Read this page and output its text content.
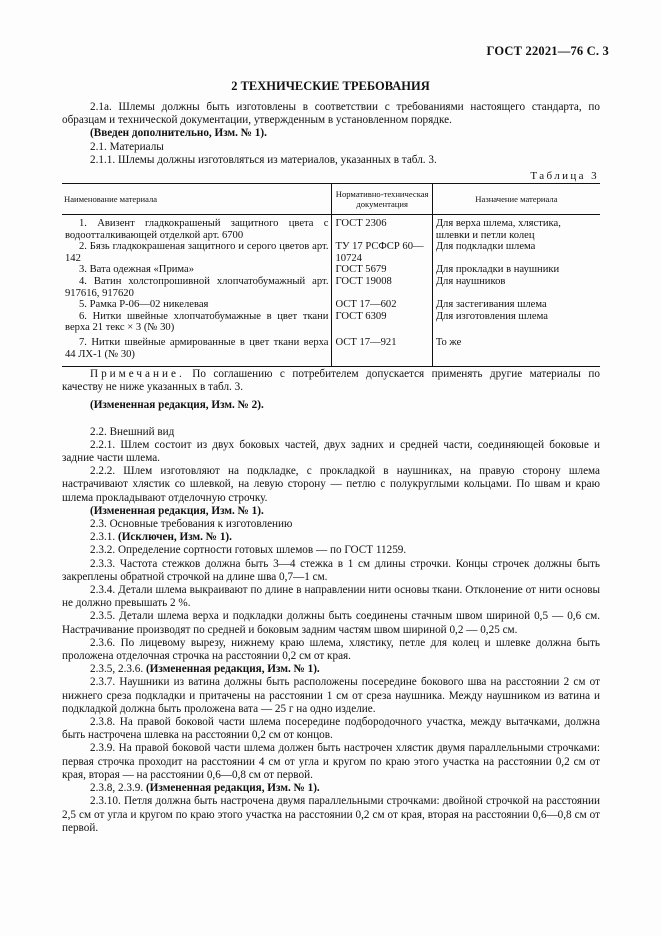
ГОСТ 22021—76 С. 3
2 ТЕХНИЧЕСКИЕ ТРЕБОВАНИЯ

2.1а. Шлемы должны быть изготовлены в соответствии с требованиями настоящего стандарта, по образцам и технической документации, утвержденным в установленном порядке.

(Введен дополнительно, Изм. № 1).

2.1. Материалы

2.1.1. Шлемы должны изготовляться из материалов, указанных в табл. 3.

Таблица 3
Наименование материала	Нормативно-техническая документация	Назначение материала
1. Авизент гладкокрашеный защитного цвета с водоотталкивающей отделкой арт. 6700	ГОСТ 2306	Для верха шлема, хлястика, шлевки и петли колец
2. Бязь гладкокрашеная защитного и серого цветов арт. 142	ТУ 17 РСФСР 60—10724	Для подкладки шлема
3. Вата одежная «Прима»	ГОСТ 5679	Для прокладки в наушники
4. Ватин холстопрошивной хлопчатобумажный арт. 917616, 917620	ГОСТ 19008	Для наушников
5. Рамка Р-06—02 никелевая	ОСТ 17—602	Для застегивания шлема
6. Нитки швейные хлопчатобумажные в цвет ткани верха 21 текс × 3 (№ 30)	ГОСТ 6309	Для изготовления шлема
7. Нитки швейные армированные в цвет ткани верха 44 ЛХ-1 (№ 30)	ОСТ 17—921	То же

Примечание. По соглашению с потребителем допускается применять другие материалы по качеству не ниже указанных в табл. 3.

(Измененная редакция, Изм. № 2).

2.2. Внешний вид

2.2.1. Шлем состоит из двух боковых частей, двух задних и средней части, соединяющей боковые и задние части шлема.

2.2.2. Шлем изготовляют на подкладке, с прокладкой в наушниках, на правую сторону шлема настрачивают хлястик со шлевкой, на левую сторону — петлю с полукруглыми кольцами. По швам и краю шлема прокладывают отделочную строчку.

(Измененная редакция, Изм. № 1).

2.3. Основные требования к изготовлению

2.3.1. (Исключен, Изм. № 1).

2.3.2. Определение сортности готовых шлемов — по ГОСТ 11259.

2.3.3. Частота стежков должна быть 3—4 стежка в 1 см длины строчки. Концы строчек должны быть закреплены обратной строчкой на длине шва 0,7—1 см.

2.3.4. Детали шлема выкраивают по длине в направлении нити основы ткани. Отклонение от нити основы не должно превышать 2 %.

2.3.5. Детали шлема верха и подкладки должны быть соединены стачным швом шириной 0,5 — 0,6 см. Настрачивание производят по средней и боковым задним частям швом шириной 0,2 — 0,25 см.

2.3.6. По лицевому вырезу, нижнему краю шлема, хлястику, петле для колец и шлевке должна быть проложена отделочная строчка на расстоянии 0,2 см от края.

2.3.5, 2.3.6. (Измененная редакция, Изм. № 1).

2.3.7. Наушники из ватина должны быть расположены посередине бокового шва на расстоянии 2 см от нижнего среза подкладки и притачены на расстоянии 1 см от среза наушника. Между наушником из ватина и подкладкой должна быть проложена вата — 25 г на одно изделие.

2.3.8. На правой боковой части шлема посередине подбородочного участка, между вытачками, должна быть настрочена шлевка на расстоянии 0,2 см от концов.

2.3.9. На правой боковой части шлема должен быть настрочен хлястик двумя параллельными строчками: первая строчка проходит на расстоянии 4 см от угла и кругом по краю этого участка на расстоянии 0,2 см от края, вторая — на расстоянии 0,6—0,8 см от первой.

2.3.8, 2.3.9. (Измененная редакция, Изм. № 1).

2.3.10. Петля должна быть настрочена двумя параллельными строчками: двойной строчкой на расстоянии 2,5 см от угла и кругом по краю этого участка на расстоянии 0,2 см от края, вторая на расстоянии 0,6—0,8 см от первой.
